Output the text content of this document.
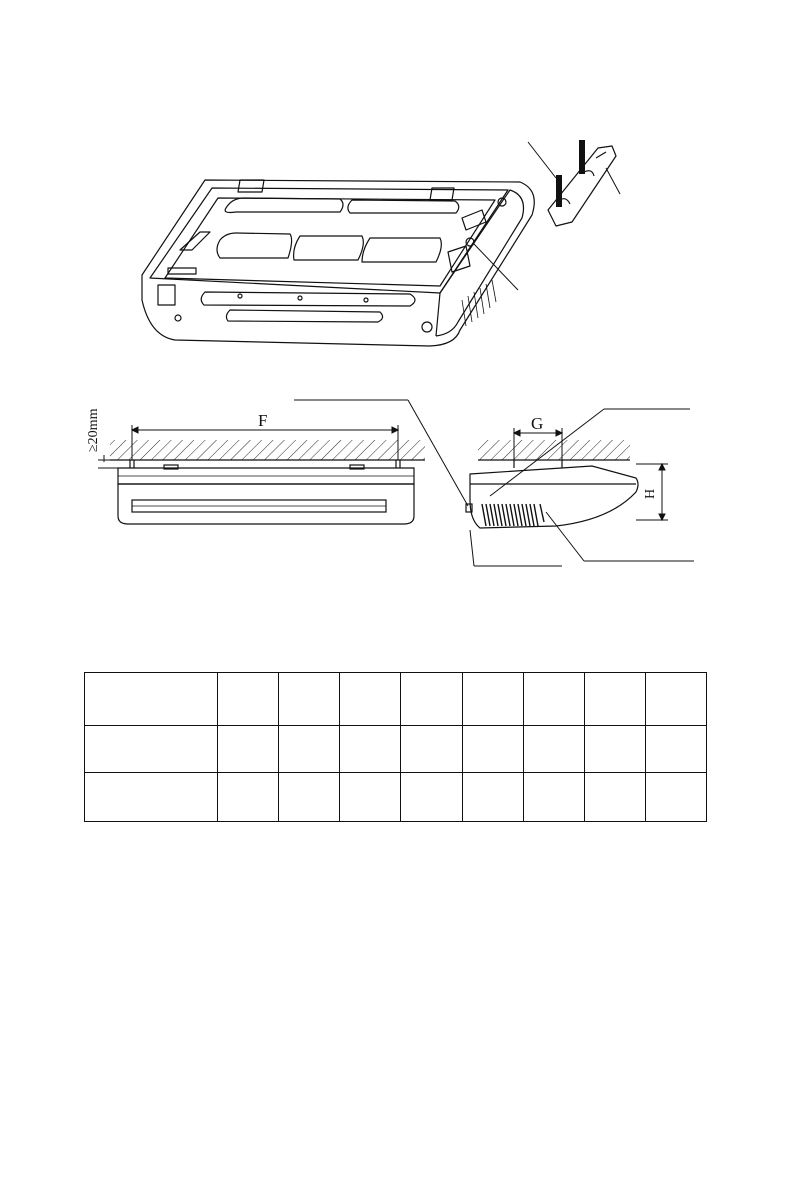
F
≥20mm	G
H
